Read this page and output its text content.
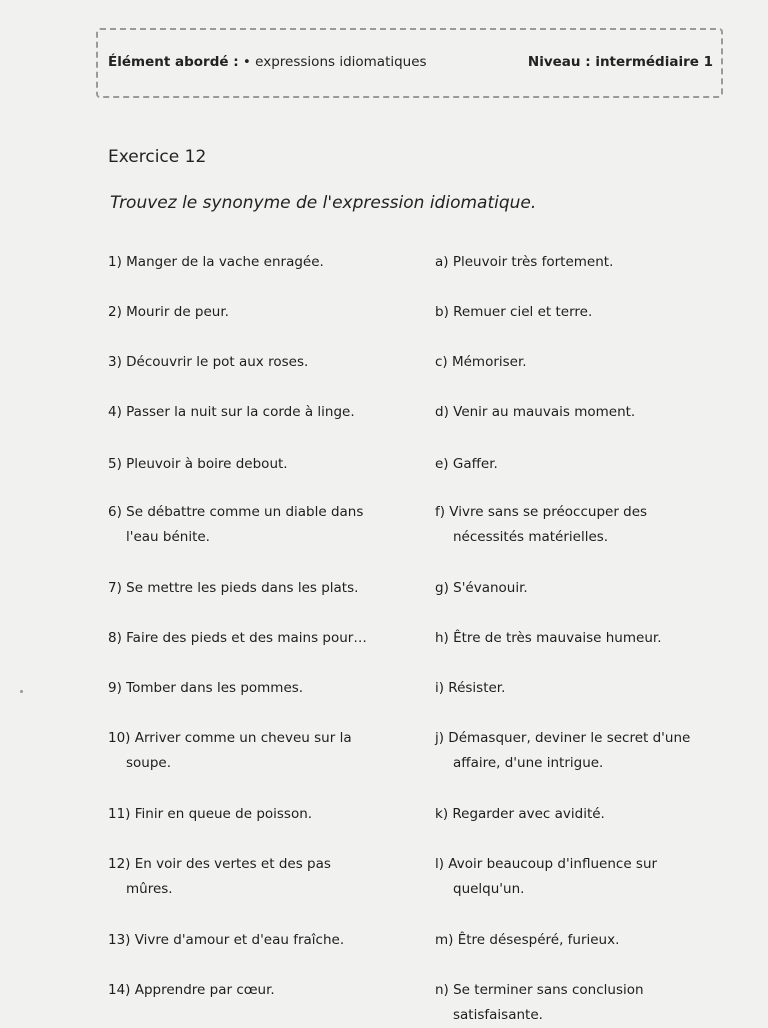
Élément abordé : • expressions idiomatiques	Niveau : intermédiaire 1
Exercice 12
Trouvez le synonyme de l'expression idiomatique.
1) Manger de la vache enragée.
2) Mourir de peur.
3) Découvrir le pot aux roses.
4) Passer la nuit sur la corde à linge.
5) Pleuvoir à boire debout.
6) Se débattre comme un diable dans
l'eau bénite.
7) Se mettre les pieds dans les plats.
8) Faire des pieds et des mains pour…
9) Tomber dans les pommes.
10) Arriver comme un cheveu sur la
soupe.
11) Finir en queue de poisson.
12) En voir des vertes et des pas
mûres.
13) Vivre d'amour et d'eau fraîche.
14) Apprendre par cœur.
a) Pleuvoir très fortement.
b) Remuer ciel et terre.
c) Mémoriser.
d) Venir au mauvais moment.
e) Gaffer.
f) Vivre sans se préoccuper des
nécessités matérielles.
g) S'évanouir.
h) Être de très mauvaise humeur.
i) Résister.
j) Démasquer, deviner le secret d'une
affaire, d'une intrigue.
k) Regarder avec avidité.
l) Avoir beaucoup d'influence sur
quelqu'un.
m) Être désespéré, furieux.
n) Se terminer sans conclusion
satisfaisante.
